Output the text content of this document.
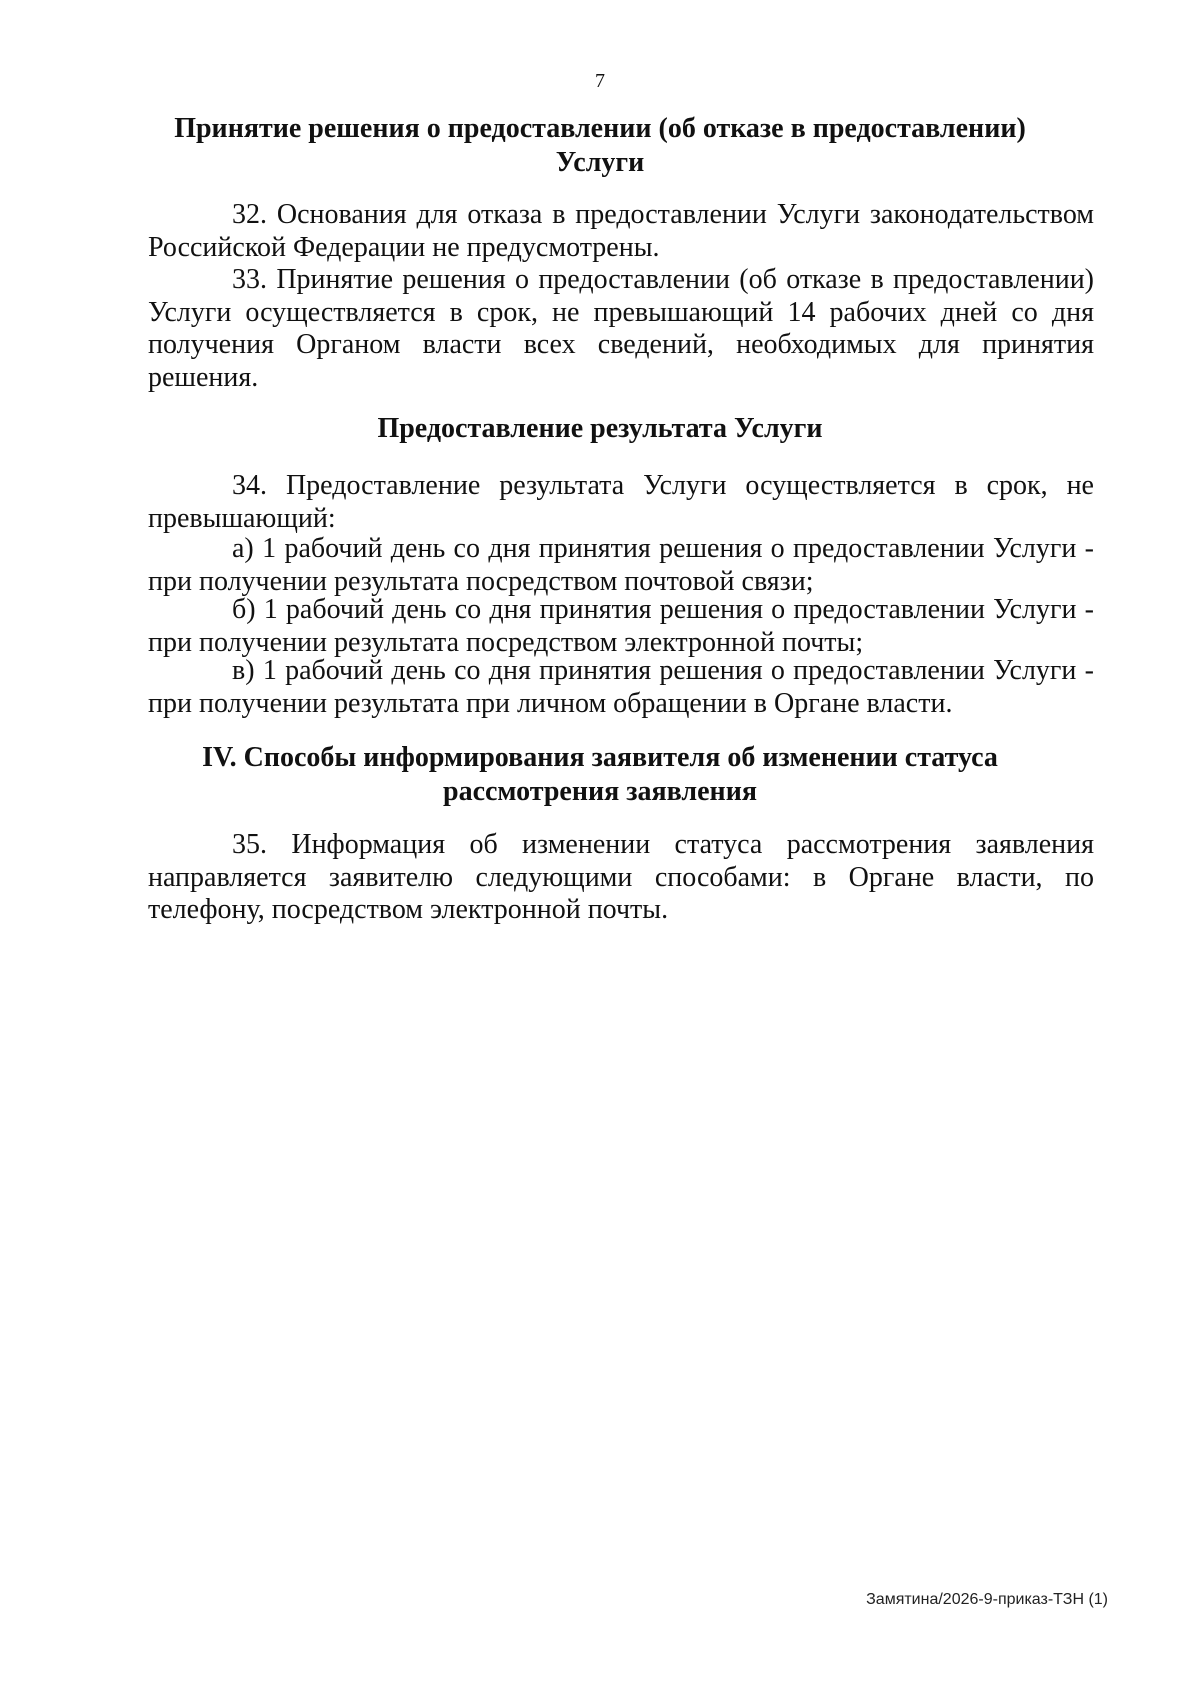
7
Принятие решения о предоставлении (об отказе в предоставлении)
Услуги

32. Основания для отказа в предоставлении Услуги законодательством Российской Федерации не предусмотрены.

33. Принятие решения о предоставлении (об отказе в предоставлении) Услуги осуществляется в срок, не превышающий 14 рабочих дней со дня получения Органом власти всех сведений, необходимых для принятия решения.

Предоставление результата Услуги

34. Предоставление результата Услуги осуществляется в срок, не превышающий:

а) 1 рабочий день со дня принятия решения о предоставлении Услуги - при получении результата посредством почтовой связи;

б) 1 рабочий день со дня принятия решения о предоставлении Услуги - при получении результата посредством электронной почты;

в) 1 рабочий день со дня принятия решения о предоставлении Услуги - при получении результата при личном обращении в Органе власти.

IV. Способы информирования заявителя об изменении статуса
рассмотрения заявления

35. Информация об изменении статуса рассмотрения заявления направляется заявителю следующими способами: в Органе власти, по телефону, посредством электронной почты.

Замятина/2026-9-приказ-ТЗН (1)
